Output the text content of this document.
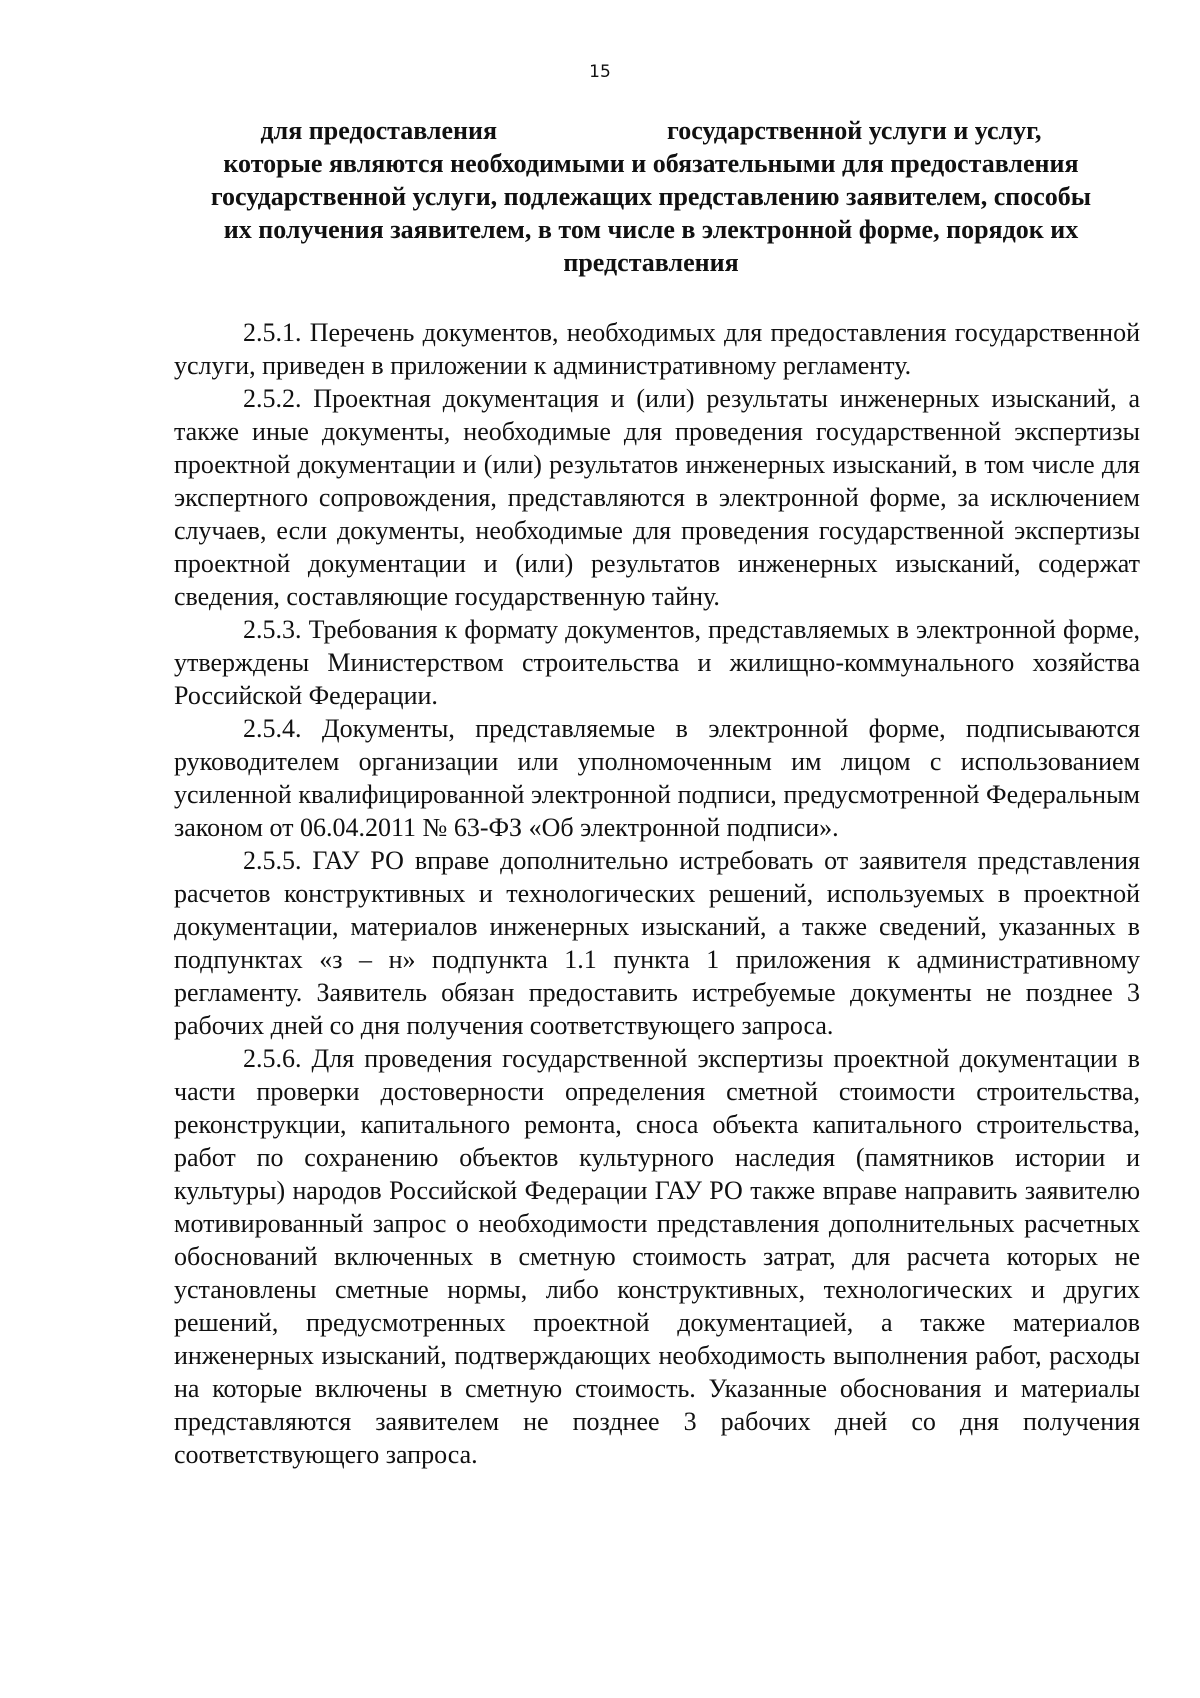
15
для предоставления	государственной услуги и услуг,
которые являются необходимыми и обязательными для предоставления
государственной услуги, подлежащих представлению заявителем, способы
их получения заявителем, в том числе в электронной форме, порядок их
представления

2.5.1. Перечень документов, необходимых для предоставления государственной услуги, приведен в приложении к административному регламенту.

2.5.2. Проектная документация и (или) результаты инженерных изысканий, а также иные документы, необходимые для проведения государственной экспертизы проектной документации и (или) результатов инженерных изысканий, в том числе для экспертного сопровождения, представляются в электронной форме, за исключением случаев, если документы, необходимые для проведения государственной экспертизы проектной документации и (или) результатов инженерных изысканий, содержат сведения, составляющие государственную тайну.

2.5.3. Требования к формату документов, представляемых в электронной форме, утверждены Министерством строительства и жилищно-коммунального хозяйства Российской Федерации.

2.5.4. Документы, представляемые в электронной форме, подписываются руководителем организации или уполномоченным им лицом с использованием усиленной квалифицированной электронной подписи, предусмотренной Федеральным законом от 06.04.2011 № 63-ФЗ «Об электронной подписи».

2.5.5. ГАУ РО вправе дополнительно истребовать от заявителя представления расчетов конструктивных и технологических решений, используемых в проектной документации, материалов инженерных изысканий, а также сведений, указанных в подпунктах «з – н» подпункта 1.1 пункта 1 приложения к административному регламенту. Заявитель обязан предоставить истребуемые документы не позднее 3 рабочих дней со дня получения соответствующего запроса.

2.5.6. Для проведения государственной экспертизы проектной документации в части проверки достоверности определения сметной стоимости строительства, реконструкции, капитального ремонта, сноса объекта капитального строительства, работ по сохранению объектов культурного наследия (памятников истории и культуры) народов Российской Федерации ГАУ РО также вправе направить заявителю мотивированный запрос о необходимости представления дополнительных расчетных обоснований включенных в сметную стоимость затрат, для расчета которых не установлены сметные нормы, либо конструктивных, технологических и других решений, предусмотренных проектной документацией, а также материалов инженерных изысканий, подтверждающих необходимость выполнения работ, расходы на которые включены в сметную стоимость. Указанные обоснования и материалы представляются заявителем не позднее 3 рабочих дней со дня получения соответствующего запроса.
